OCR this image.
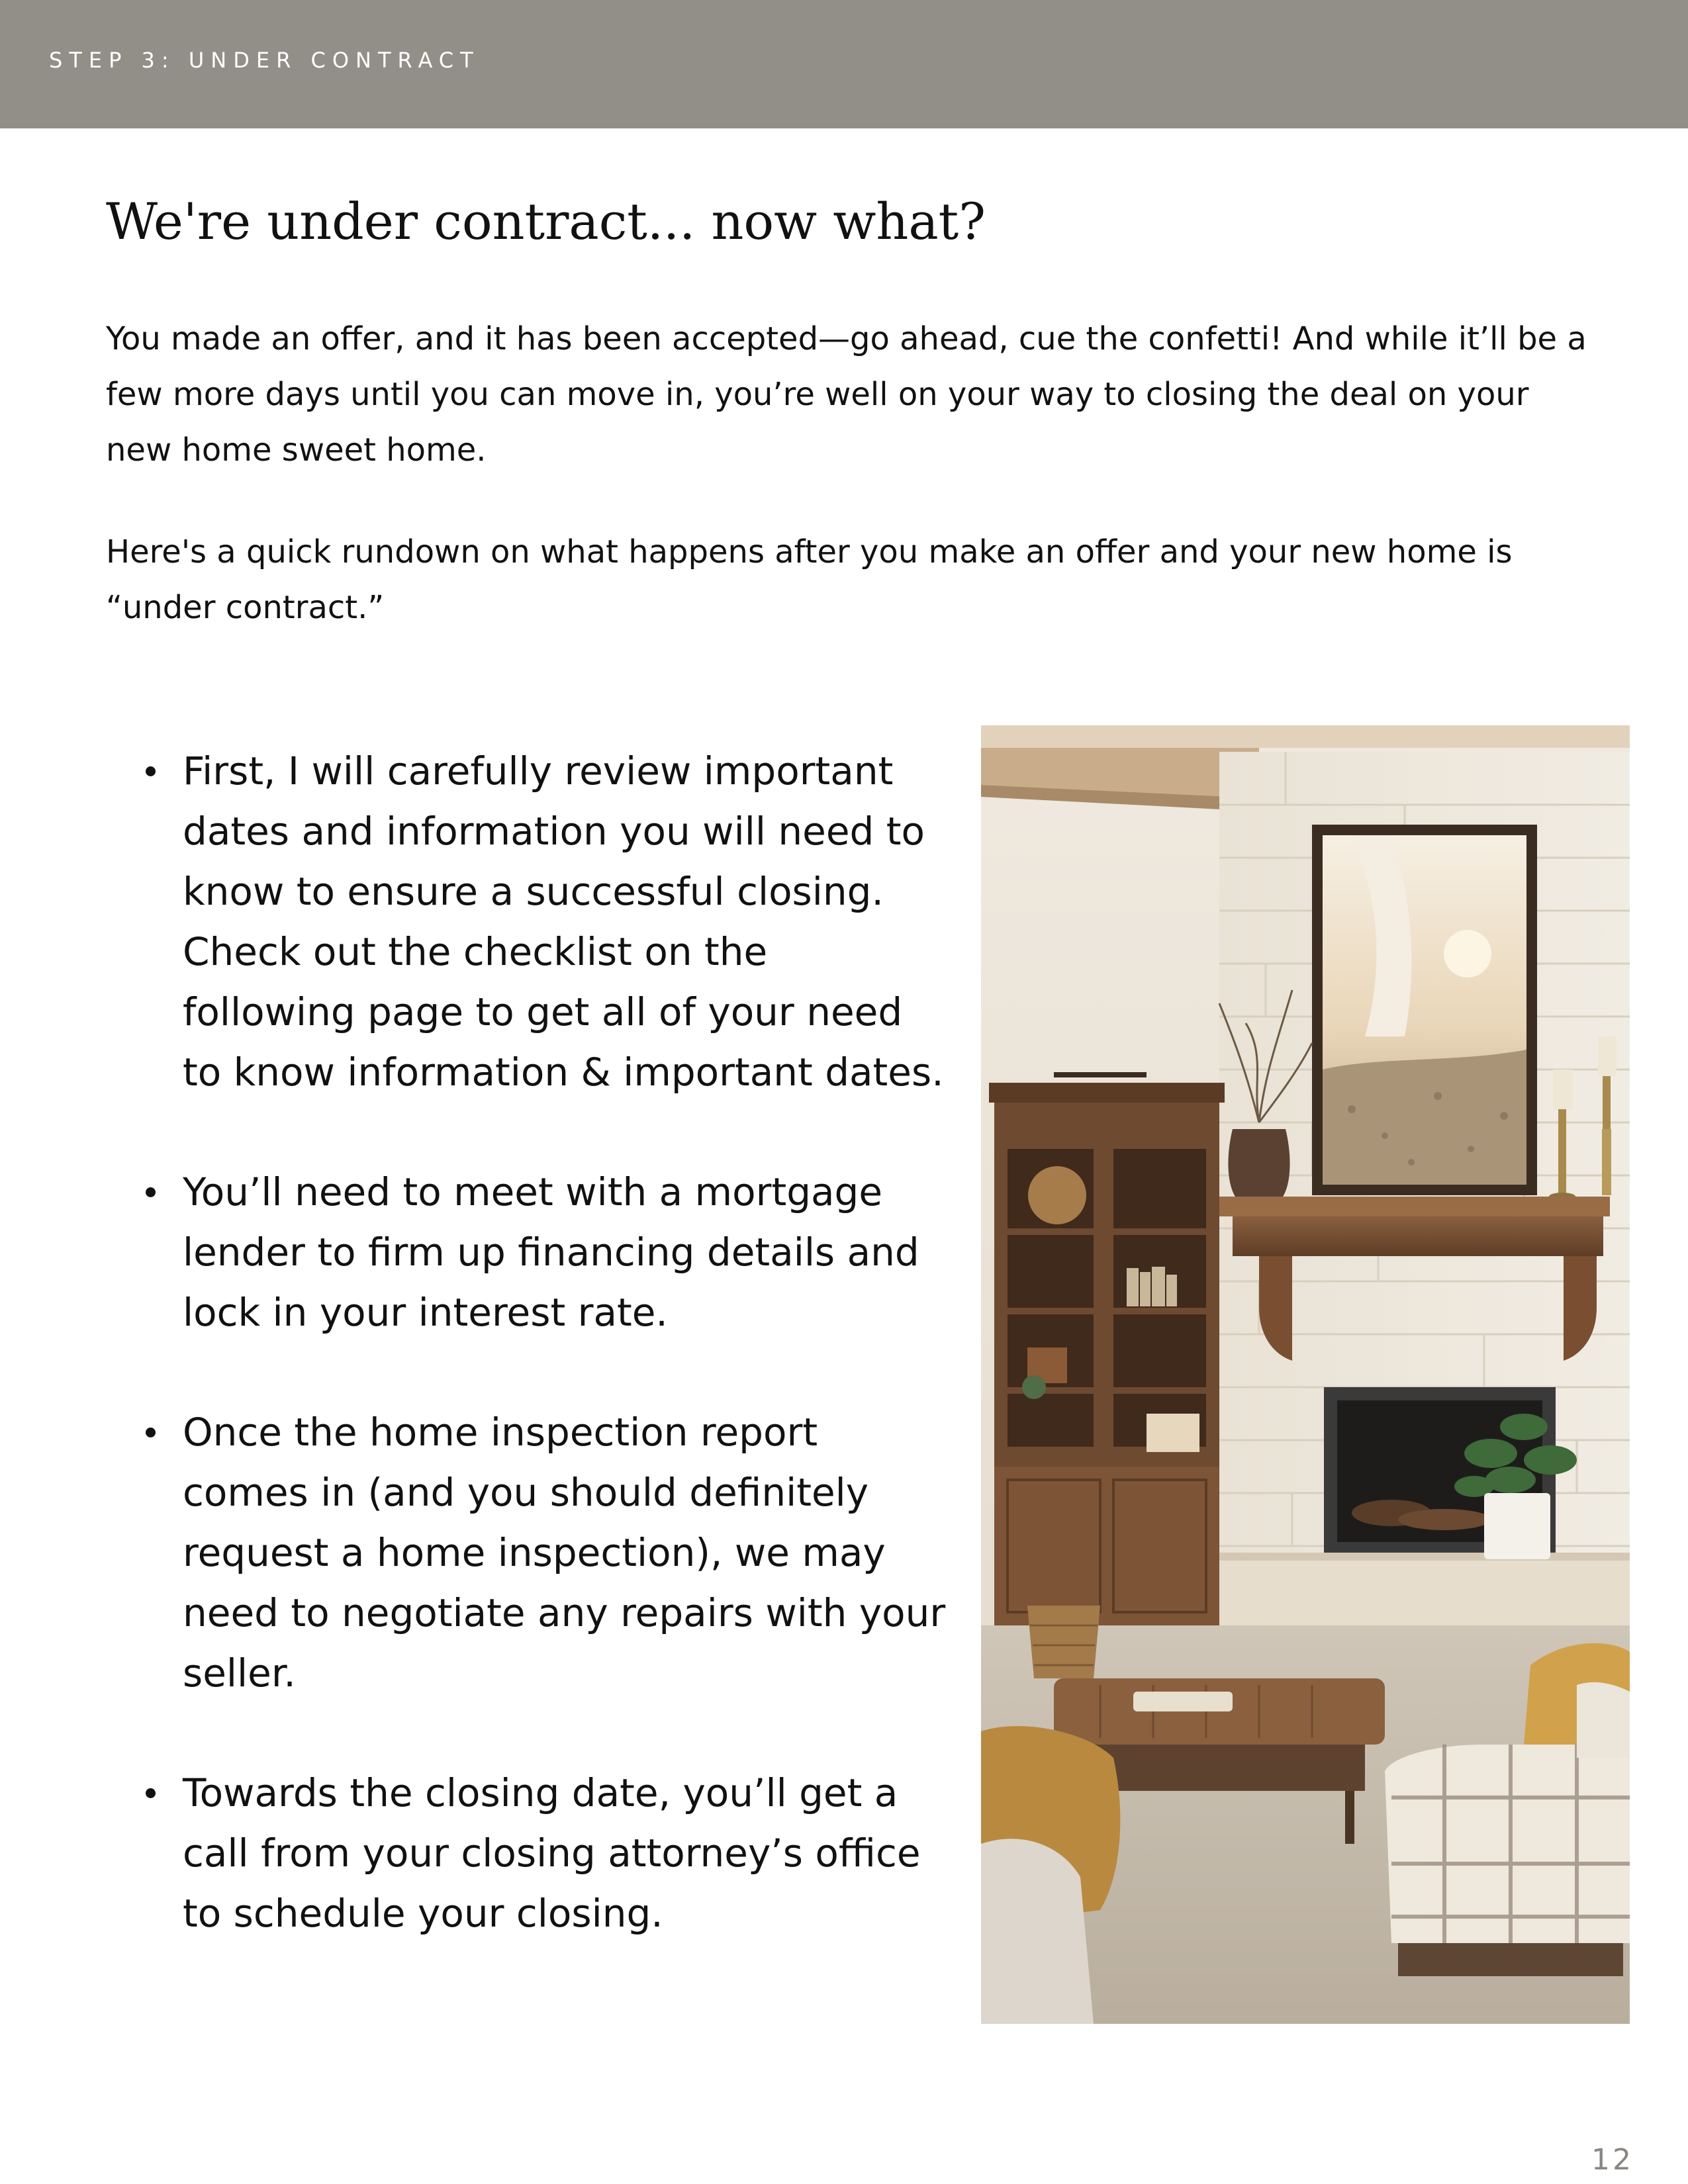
STEP 3: UNDER CONTRACT
We're under contract... now what?

You made an offer, and it has been accepted—go ahead, cue the confetti! And while it’ll be a few more days until you can move in, you’re well on your way to closing the deal on your new home sweet home.

Here's a quick rundown on what happens after you make an offer and your new home is “under contract.”

First, I will carefully review important dates and information you will need to know to ensure a successful closing. Check out the checklist on the following page to get all of your need to know information & important dates.
You’ll need to meet with a mortgage lender to firm up financing details and lock in your interest rate.
Once the home inspection report comes in (and you should definitely request a home inspection), we may need to negotiate any repairs with your seller.
Towards the closing date, you’ll get a call from your closing attorney’s office to schedule your closing.
12
